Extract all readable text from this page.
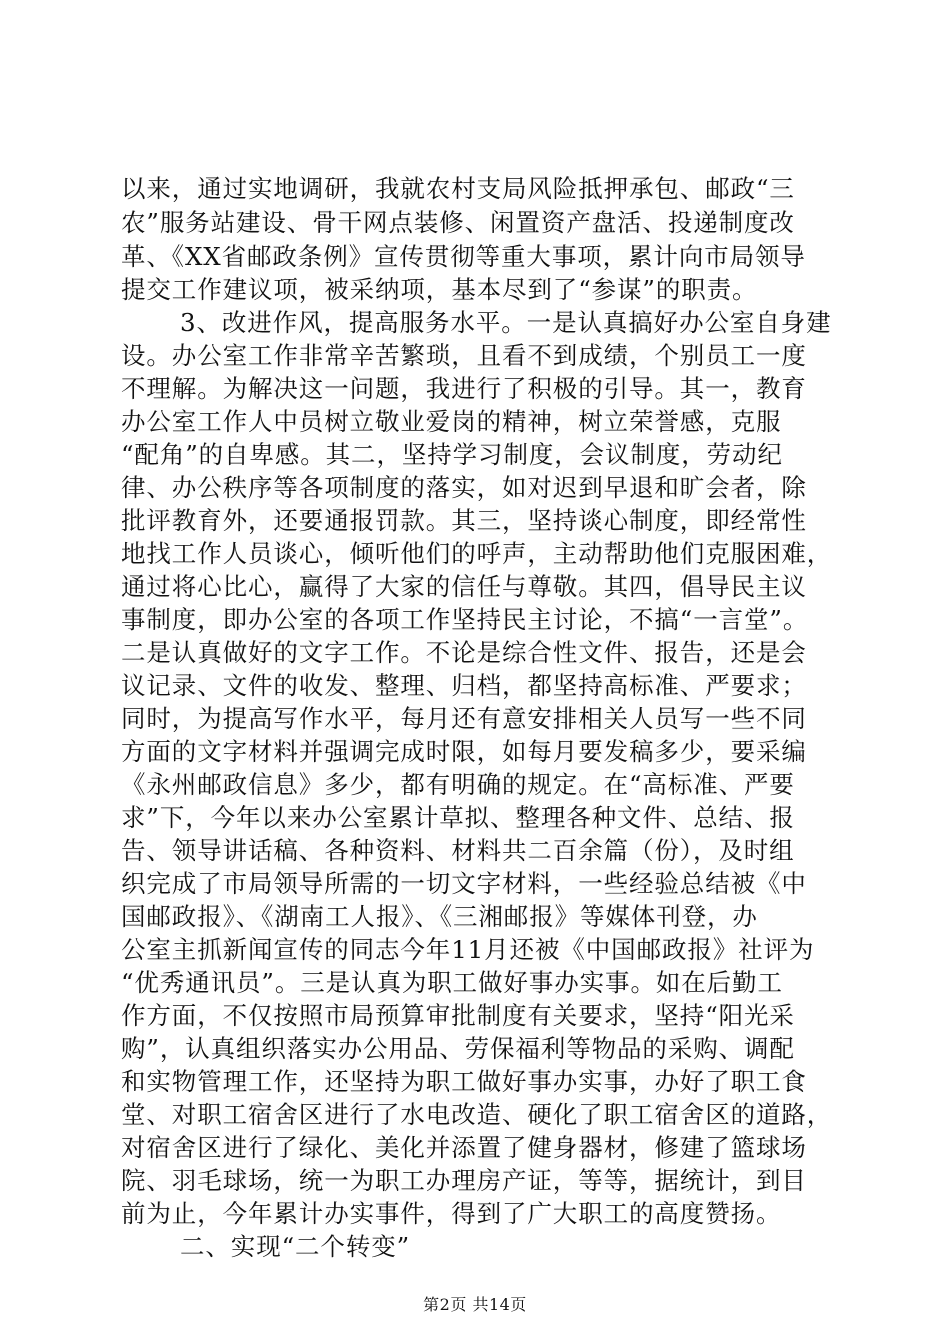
以来，通过实地调研，我就农村支局风险抵押承包、邮政“三
农”服务站建设、骨干网点装修、闲置资产盘活、投递制度改
革、《XX省邮政条例》宣传贯彻等重大事项，累计向市局领导
提交工作建议项，被采纳项，基本尽到了“参谋”的职责。
3、改进作风，提高服务水平。一是认真搞好办公室自身建
设。办公室工作非常辛苦繁琐，且看不到成绩，个别员工一度
不理解。为解决这一问题，我进行了积极的引导。其一，教育
办公室工作人中员树立敬业爱岗的精神，树立荣誉感，克服
“配角”的自卑感。其二，坚持学习制度，会议制度，劳动纪
律、办公秩序等各项制度的落实，如对迟到早退和旷会者，除
批评教育外，还要通报罚款。其三，坚持谈心制度，即经常性
地找工作人员谈心，倾听他们的呼声，主动帮助他们克服困难，
通过将心比心，赢得了大家的信任与尊敬。其四，倡导民主议
事制度，即办公室的各项工作坚持民主讨论，不搞“一言堂”。
二是认真做好的文字工作。不论是综合性文件、报告，还是会
议记录、文件的收发、整理、归档，都坚持高标准、严要求；
同时，为提高写作水平，每月还有意安排相关人员写一些不同
方面的文字材料并强调完成时限，如每月要发稿多少，要采编
《永州邮政信息》多少，都有明确的规定。在“高标准、严要
求”下，今年以来办公室累计草拟、整理各种文件、总结、报
告、领导讲话稿、各种资料、材料共二百余篇（份），及时组
织完成了市局领导所需的一切文字材料，一些经验总结被《中
国邮政报》、《湖南工人报》、《三湘邮报》等媒体刊登，办
公室主抓新闻宣传的同志今年11月还被《中国邮政报》社评为
“优秀通讯员”。三是认真为职工做好事办实事。如在后勤工
作方面，不仅按照市局预算审批制度有关要求，坚持“阳光采
购”，认真组织落实办公用品、劳保福利等物品的采购、调配
和实物管理工作，还坚持为职工做好事办实事，办好了职工食
堂、对职工宿舍区进行了水电改造、硬化了职工宿舍区的道路，
对宿舍区进行了绿化、美化并添置了健身器材，修建了篮球场
院、羽毛球场，统一为职工办理房产证，等等，据统计，到目
前为止，今年累计办实事件，得到了广大职工的高度赞扬。
二、实现“二个转变”
第2页 共14页
